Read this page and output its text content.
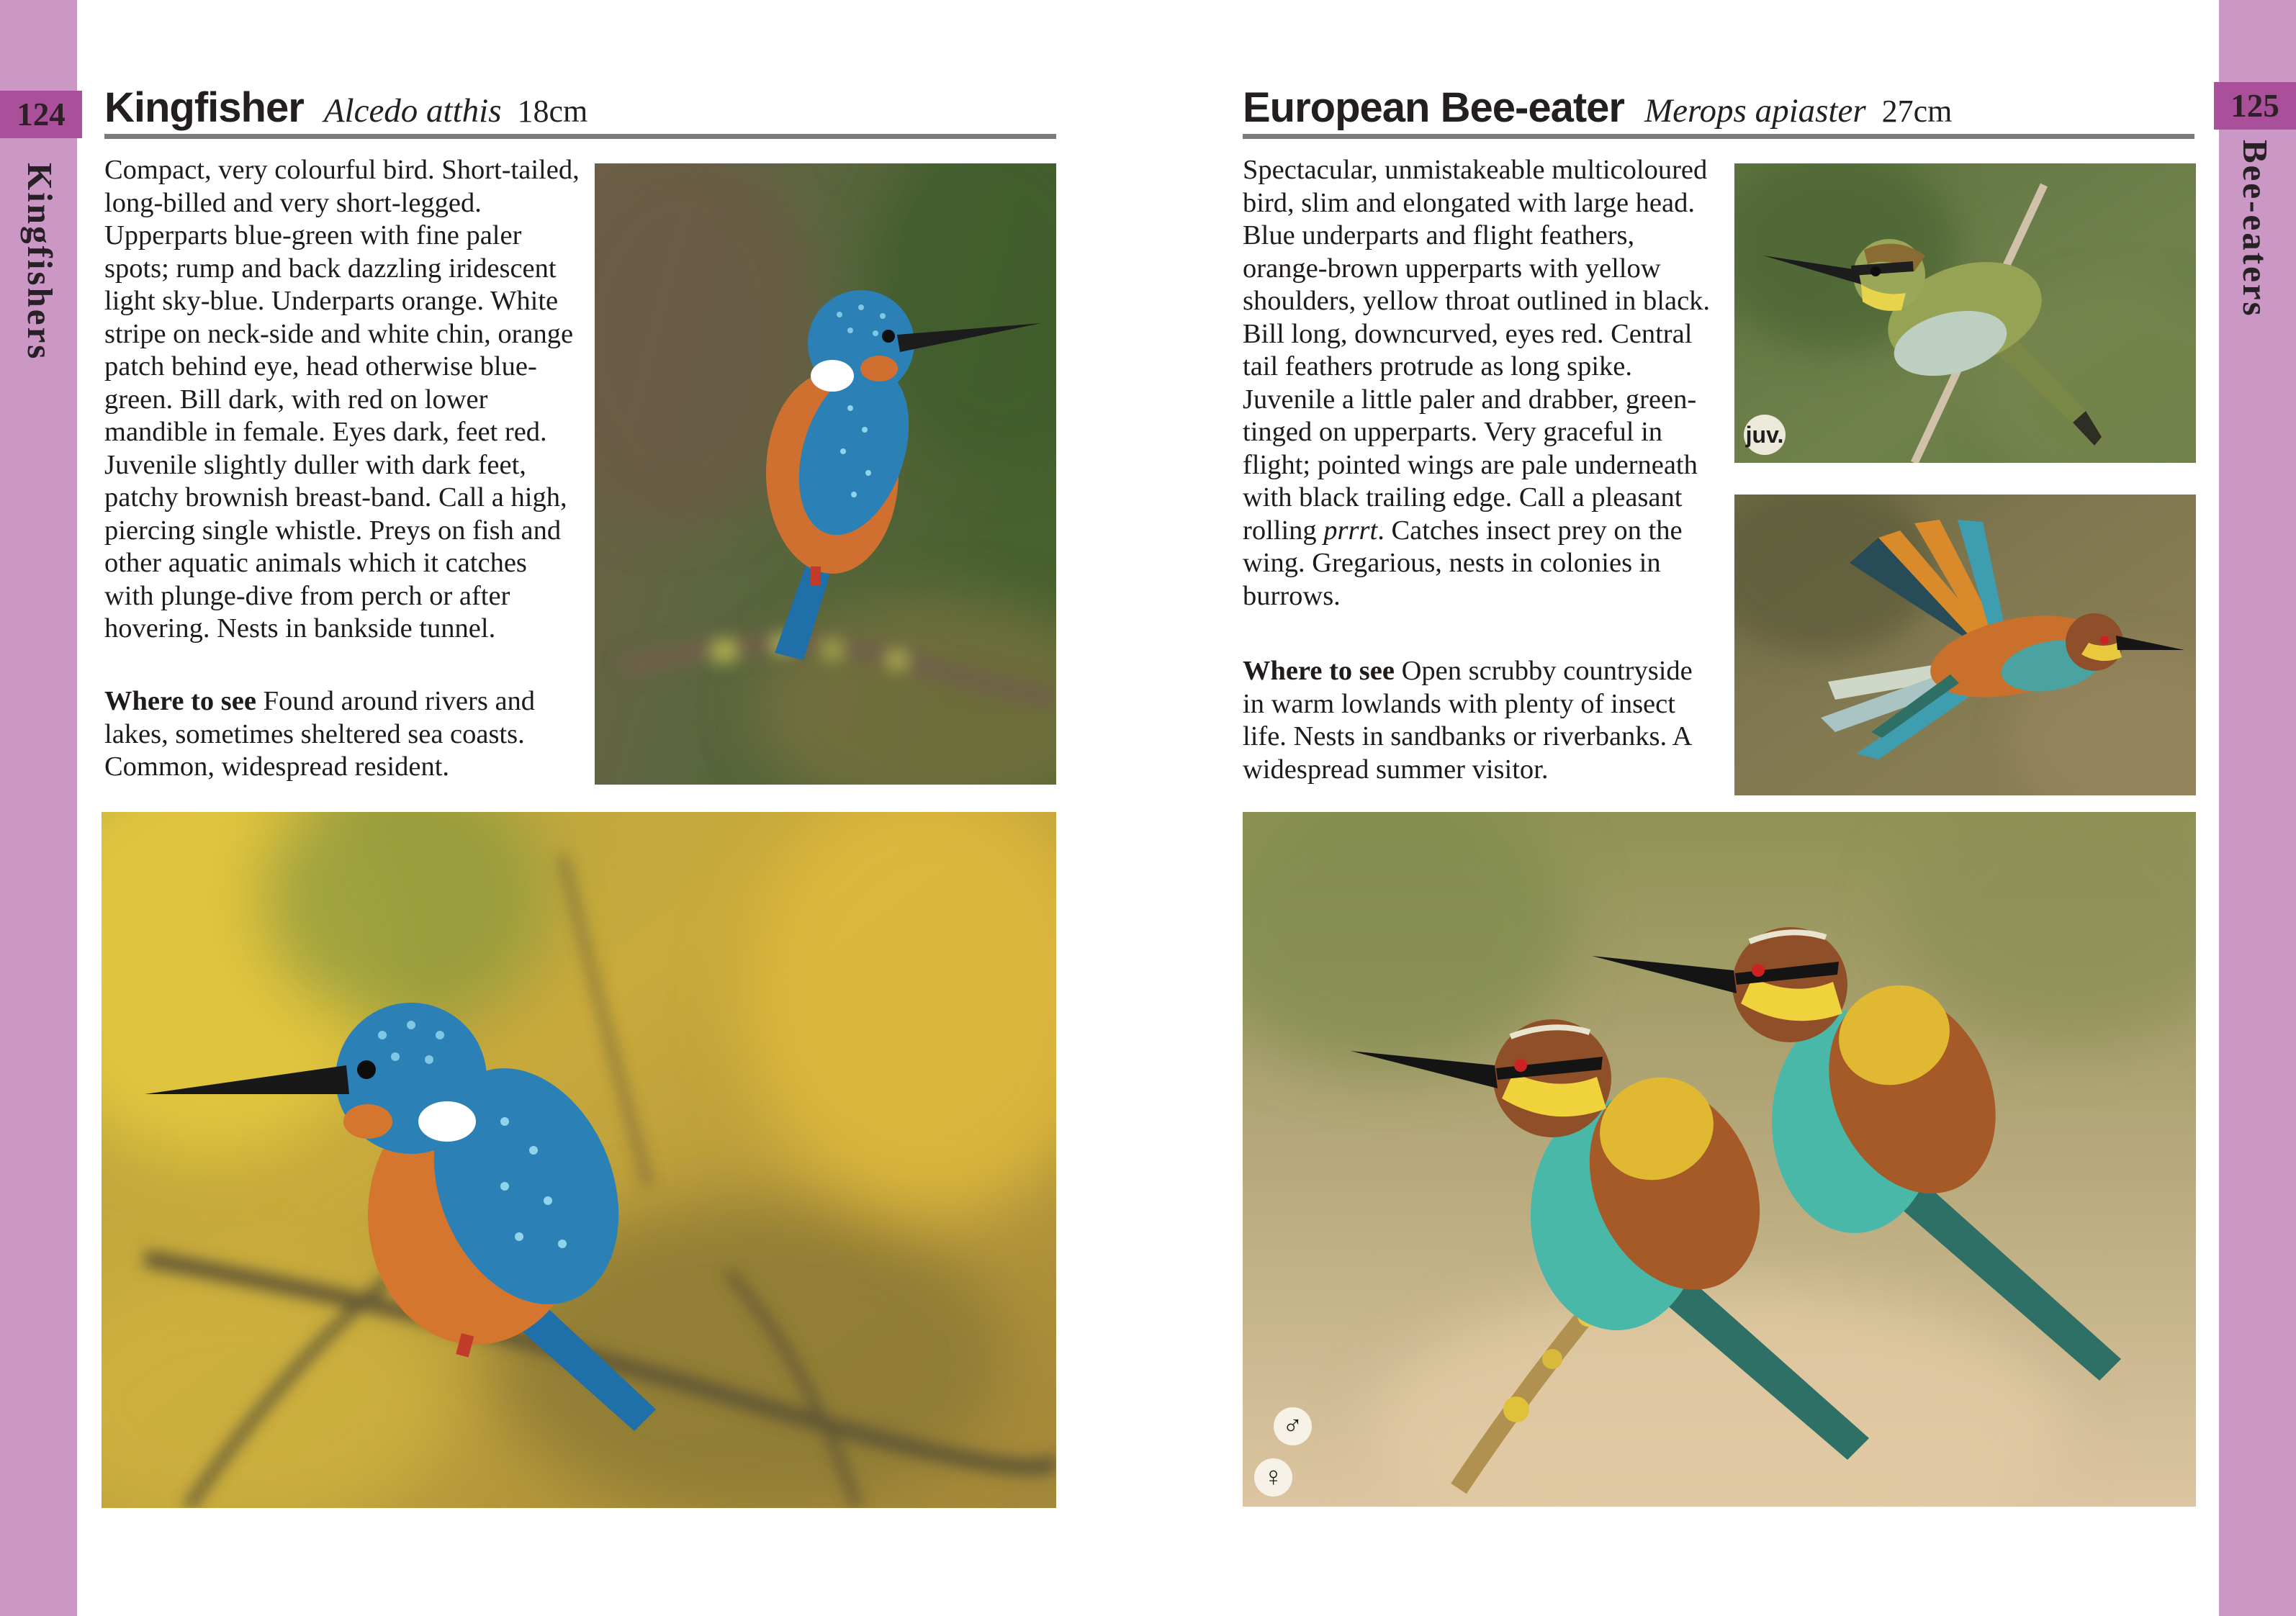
124	125
Kingfishers	Bee-eaters
Kingfisher Alcedo atthis 18cm	European Bee-eater Merops apiaster 27cm
Compact, very colourful bird. Short-tailed, long-billed and very short-legged. Upperparts blue-green with fine paler spots; rump and back dazzling iridescent light sky-blue. Underparts orange. White stripe on neck-side and white chin, orange patch behind eye, head otherwise blue-green. Bill dark, with red on lower mandible in female. Eyes dark, feet red. Juvenile slightly duller with dark feet, patchy brownish breast-band. Call a high, piercing single whistle. Preys on fish and other aquatic animals which it catches with plunge-dive from perch or after hovering. Nests in bankside tunnel.
Where to see Found around rivers and lakes, sometimes sheltered sea coasts. Common, widespread resident.
Spectacular, unmistakeable multicoloured bird, slim and elongated with large head. Blue underparts and flight feathers, orange-brown upperparts with yellow shoulders, yellow throat outlined in black. Bill long, downcurved, eyes red. Central tail feathers protrude as long spike. Juvenile a little paler and drabber, green-tinged on upperparts. Very graceful in flight; pointed wings are pale underneath with black trailing edge. Call a pleasant rolling prrrt. Catches insect prey on the wing. Gregarious, nests in colonies in burrows.
Where to see Open scrubby countryside in warm lowlands with plenty of insect life. Nests in sandbanks or riverbanks. A widespread summer visitor.
juv.
♂
♀
